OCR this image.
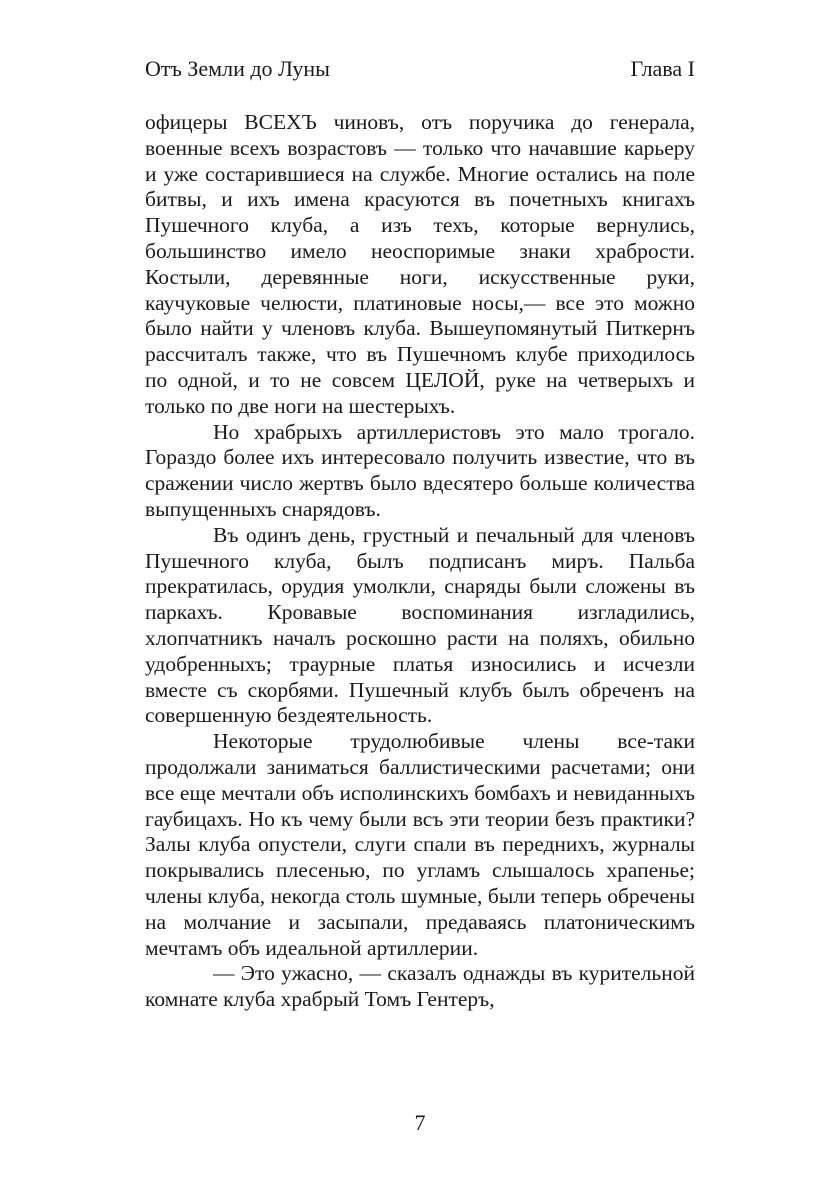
Отъ Земли до Луны	Глава I

офицеры ВСЕХЪ чиновъ, отъ поручика до генерала, военные всехъ возрастовъ — только что начавшие карьеру и уже состарившиеся на службе. Многие остались на поле битвы, и ихъ имена красуются въ почетныхъ книгахъ Пушечного клуба, а изъ техъ, которые вернулись, большинство имело неоспоримые знаки храбрости. Костыли, деревянные ноги, искусственные руки, каучуковые челюсти, платиновые носы,— все это можно было найти у членовъ клуба. Вышеупомянутый Питкернъ рассчиталъ также, что въ Пушечномъ клубе приходилось по одной, и то не совсем ЦЕЛОЙ, руке на четверыхъ и только по две ноги на шестерыхъ.

Но храбрыхъ артиллеристовъ это мало трогало. Гораздо более ихъ интересовало получить известие, что въ сражении число жертвъ было вдесятеро больше количества выпущенныхъ снарядовъ.

Въ одинъ день, грустный и печальный для членовъ Пушечного клуба, былъ подписанъ миръ. Пальба прекратилась, орудия умолкли, снаряды были сложены въ паркахъ. Кровавые воспоминания изгладились, хлопчатникъ началъ роскошно расти на поляхъ, обильно удобренныхъ; траурные платья износились и исчезли вместе съ скорбями. Пушечный клубъ былъ обреченъ на совершенную бездеятельность.

Некоторые трудолюбивые члены все-таки продолжали заниматься баллистическими расчетами; они все еще мечтали объ исполинскихъ бомбахъ и невиданныхъ гаубицахъ. Но къ чему были всъ эти теории безъ практики? Залы клуба опустели, слуги спали въ передниxъ, журналы покрывались плесенью, по угламъ слышалось храпенье; члены клуба, некогда столь шумные, были теперь обречены на молчание и засыпали, предаваясь платоническимъ мечтамъ объ идеальной артиллерии.

— Это ужасно, — сказалъ однажды въ курительной комнате клуба храбрый Томъ Гентеръ,

7
